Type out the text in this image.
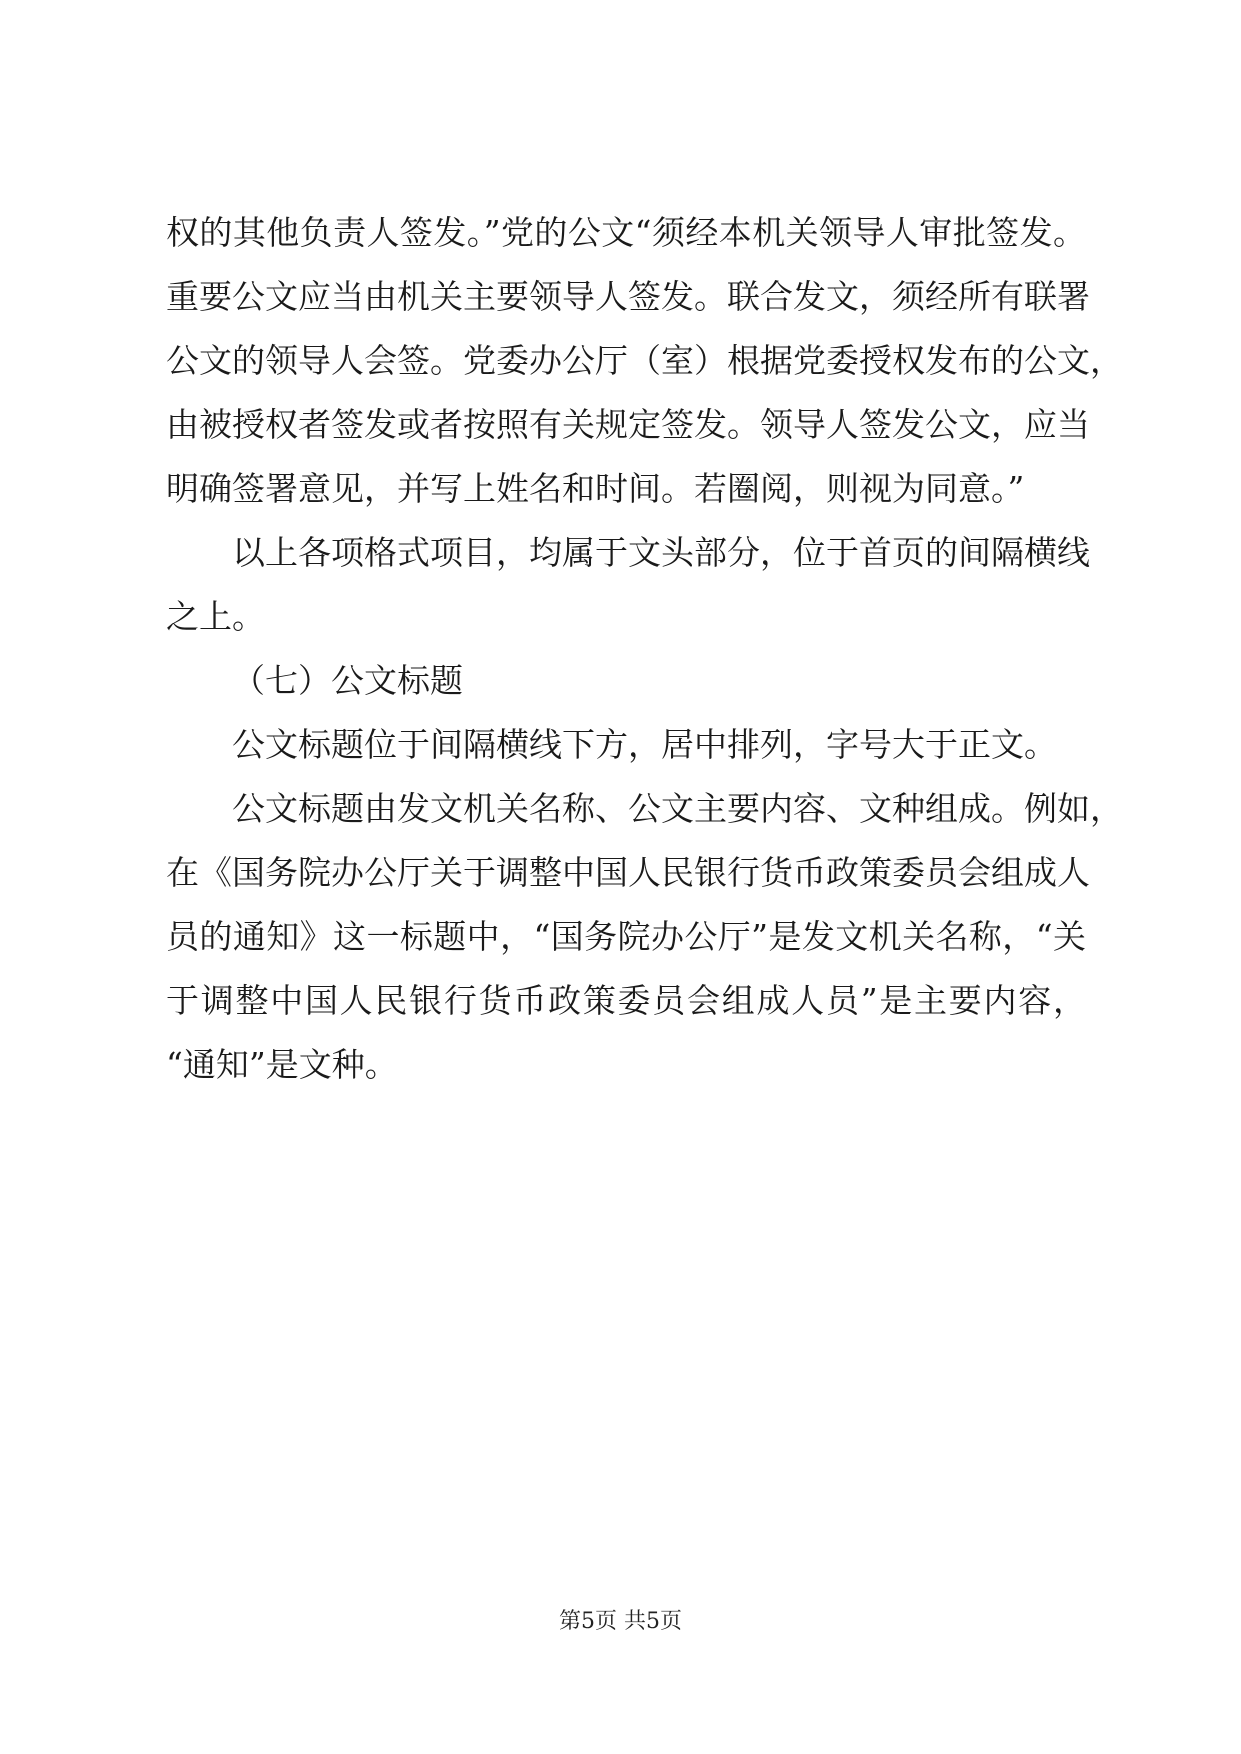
权的其他负责人签发。”党的公文“须经本机关领导人审批签发。
重要公文应当由机关主要领导人签发。联合发文，须经所有联署
公文的领导人会签。党委办公厅（室）根据党委授权发布的公文，
由被授权者签发或者按照有关规定签发。领导人签发公文，应当
明确签署意见，并写上姓名和时间。若圈阅，则视为同意。”
以上各项格式项目，均属于文头部分，位于首页的间隔横线
之上。
（七）公文标题
公文标题位于间隔横线下方，居中排列，字号大于正文。
公文标题由发文机关名称、公文主要内容、文种组成。例如，
在《国务院办公厅关于调整中国人民银行货币政策委员会组成人
员的通知》这一标题中，“国务院办公厅”是发文机关名称，“关
于调整中国人民银行货币政策委员会组成人员”是主要内容，
“通知”是文种。
第5页 共5页
